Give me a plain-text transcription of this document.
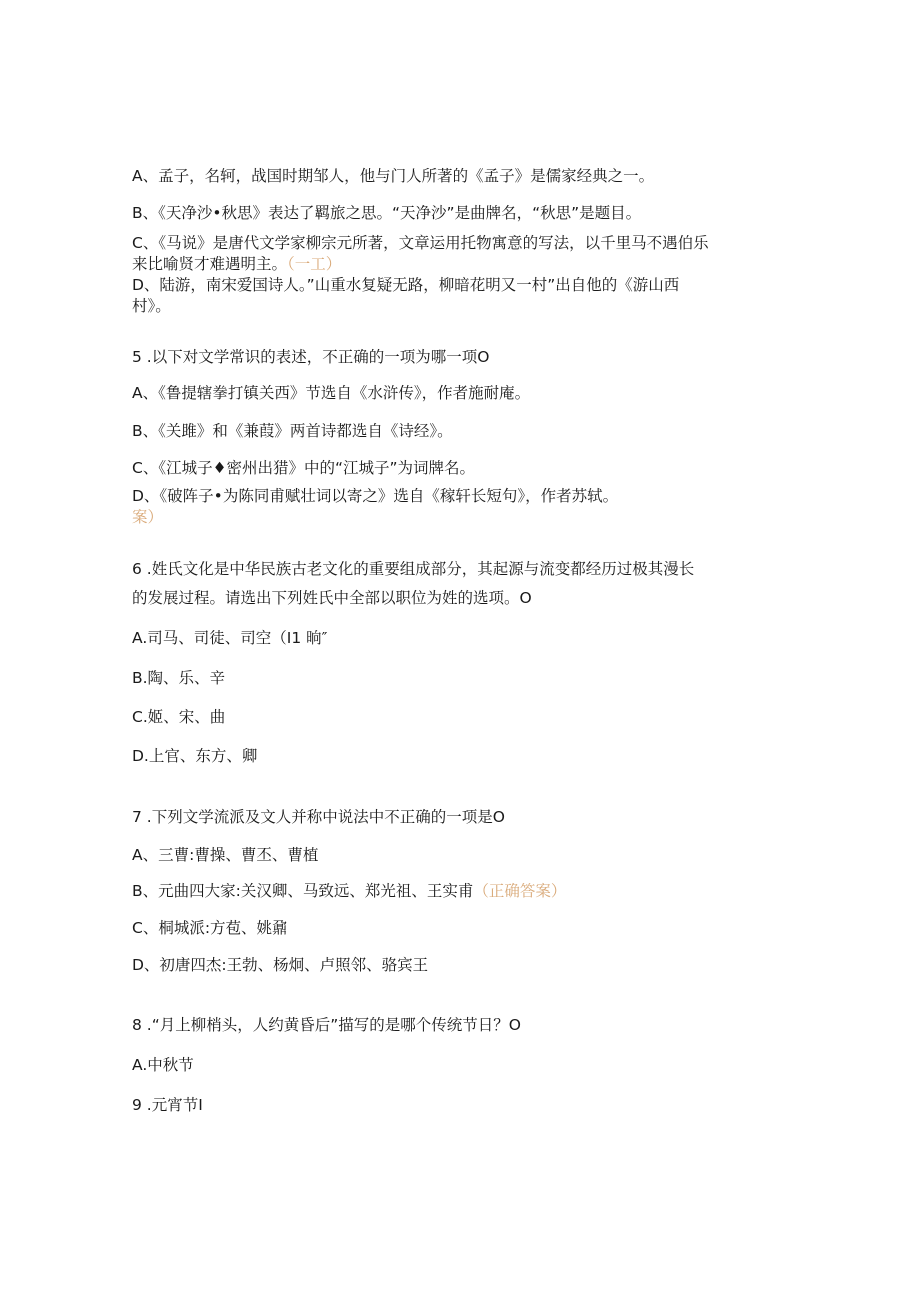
A、孟子，名轲，战国时期邹人，他与门人所著的《孟子》是儒家经典之一。
B、《天净沙•秋思》表达了羁旅之思。“天净沙”是曲牌名，“秋思”是题目。
C、《马说》是唐代文学家柳宗元所著，文章运用托物寓意的写法，以千里马不遇伯乐
来比喻贤才难遇明主。（一工）
D、陆游，南宋爱国诗人。”山重水复疑无路，柳暗花明又一村”出自他的《游山西
村》。
5 .以下对文学常识的表述，不正确的一项为哪一项O
A、《鲁提辖拳打镇关西》节选自《水浒传》，作者施耐庵。
B、《关雎》和《兼葭》两首诗都选自《诗经》。
C、《江城子♦密州出猎》中的“江城子”为词牌名。
D、《破阵子•为陈同甫赋壮词以寄之》选自《稼轩长短句》，作者苏轼。
案）
6 .姓氏文化是中华民族古老文化的重要组成部分，其起源与流变都经历过极其漫长
的发展过程。请选出下列姓氏中全部以职位为姓的选项。O
A.司马、司徒、司空（I1 晌″
B.陶、乐、辛
C.姬、宋、曲
D.上官、东方、卿
7 .下列文学流派及文人并称中说法中不正确的一项是O
A、三曹:曹操、曹丕、曹植
B、元曲四大家:关汉卿、马致远、郑光祖、王实甫（正确答案）
C、桐城派:方苞、姚鼐
D、初唐四杰:王勃、杨炯、卢照邻、骆宾王
8 .“月上柳梢头，人约黄昏后”描写的是哪个传统节日？O
A.中秋节
9 .元宵节I
